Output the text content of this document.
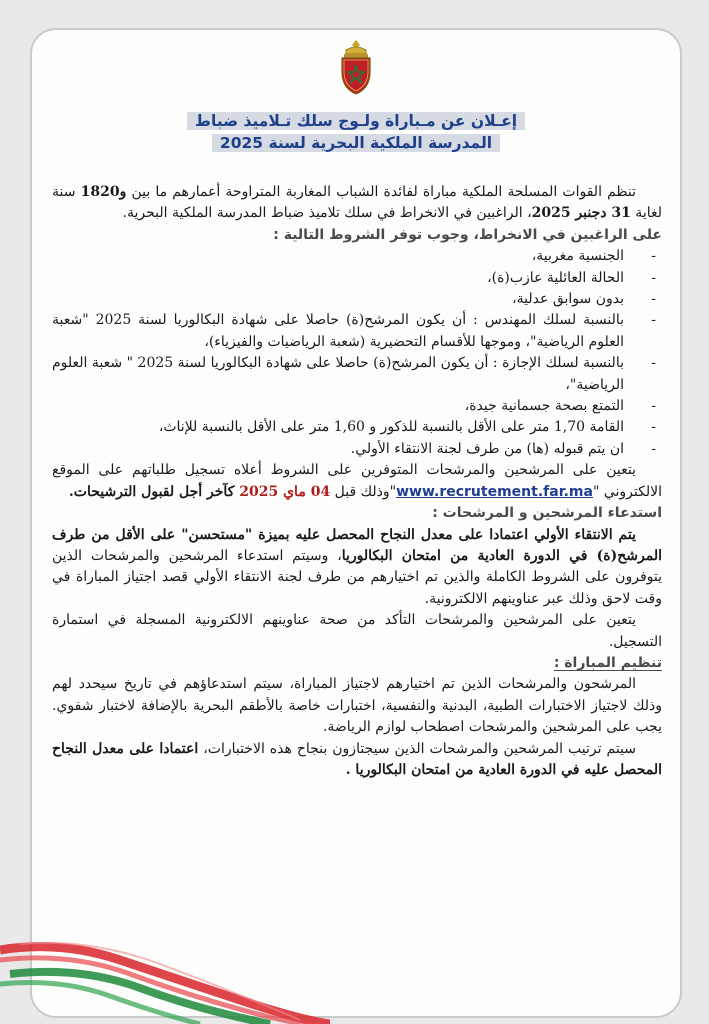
إعـلان عن مـباراة ولـوج سلك تـلاميذ ضباط
المدرسة الملكية البحرية لسنة 2025

تنظم القوات المسلحة الملكية مباراة لفائدة الشباب المغاربة المتراوحة أعمارهم ما بين 18و20 سنة لغاية 31 دجنبر 2025، الراغبين في الانخراط في سلك تلاميذ ضباط المدرسة الملكية البحرية.

على الراغبين في الانخراط، وجوب توفر الشروط التالية :

- الجنسية مغربية،
- الحالة العائلية عازب(ة)،
- بدون سوابق عدلية،
- بالنسبة لسلك المهندس : أن يكون المرشح(ة) حاصلا على شهادة البكالوريا لسنة 2025 "شعبة العلوم الرياضية"، وموجها للأقسام التحضيرية (شعبة الرياضيات والفيزياء)،
- بالنسبة لسلك الإجازة : أن يكون المرشح(ة) حاصلا على شهادة البكالوريا لسنة 2025 " شعبة العلوم الرياضية"،
- التمتع بصحة جسمانية جيدة،
- القامة 1,70 متر على الأقل بالنسبة للذكور و 1,60 متر على الأقل بالنسبة للإناث،
- ان يتم قبوله (ها) من طرف لجنة الانتقاء الأولي.

يتعين على المرشحين والمرشحات المتوفرين على الشروط أعلاه تسجيل طلباتهم على الموقع الالكتروني "www.recrutement.far.ma"وذلك قبل 04 ماي 2025 كآخر أجل لقبول الترشيحات.

استدعاء المرشحين و المرشحات :

يتم الانتقاء الأولي اعتمادا على معدل النجاح المحصل عليه بميزة "مستحسن" على الأقل من طرف المرشح(ة) في الدورة العادية من امتحان البكالوريا، وسيتم استدعاء المرشحين والمرشحات الذين يتوفرون على الشروط الكاملة والذين تم اختيارهم من طرف لجنة الانتقاء الأولي قصد اجتياز المباراة في وقت لاحق وذلك عبر عناوينهم الالكترونية.

يتعين على المرشحين والمرشحات التأكد من صحة عناوينهم الالكترونية المسجلة في استمارة التسجيل.

تنظيم المباراة :

المرشحون والمرشحات الذين تم اختيارهم لاجتياز المباراة، سيتم استدعاؤهم في تاريخ سيحدد لهم وذلك لاجتياز الاختبارات الطبية، البدنية والنفسية، اختبارات خاصة بالأطقم البحرية بالإضافة لاختبار شفوي. يجب على المرشحين والمرشحات اصطحاب لوازم الرياضة.

سيتم ترتيب المرشحين والمرشحات الذين سيجتازون بنجاح هذه الاختبارات، اعتمادا على معدل النجاح المحصل عليه في الدورة العادية من امتحان البكالوريا .
